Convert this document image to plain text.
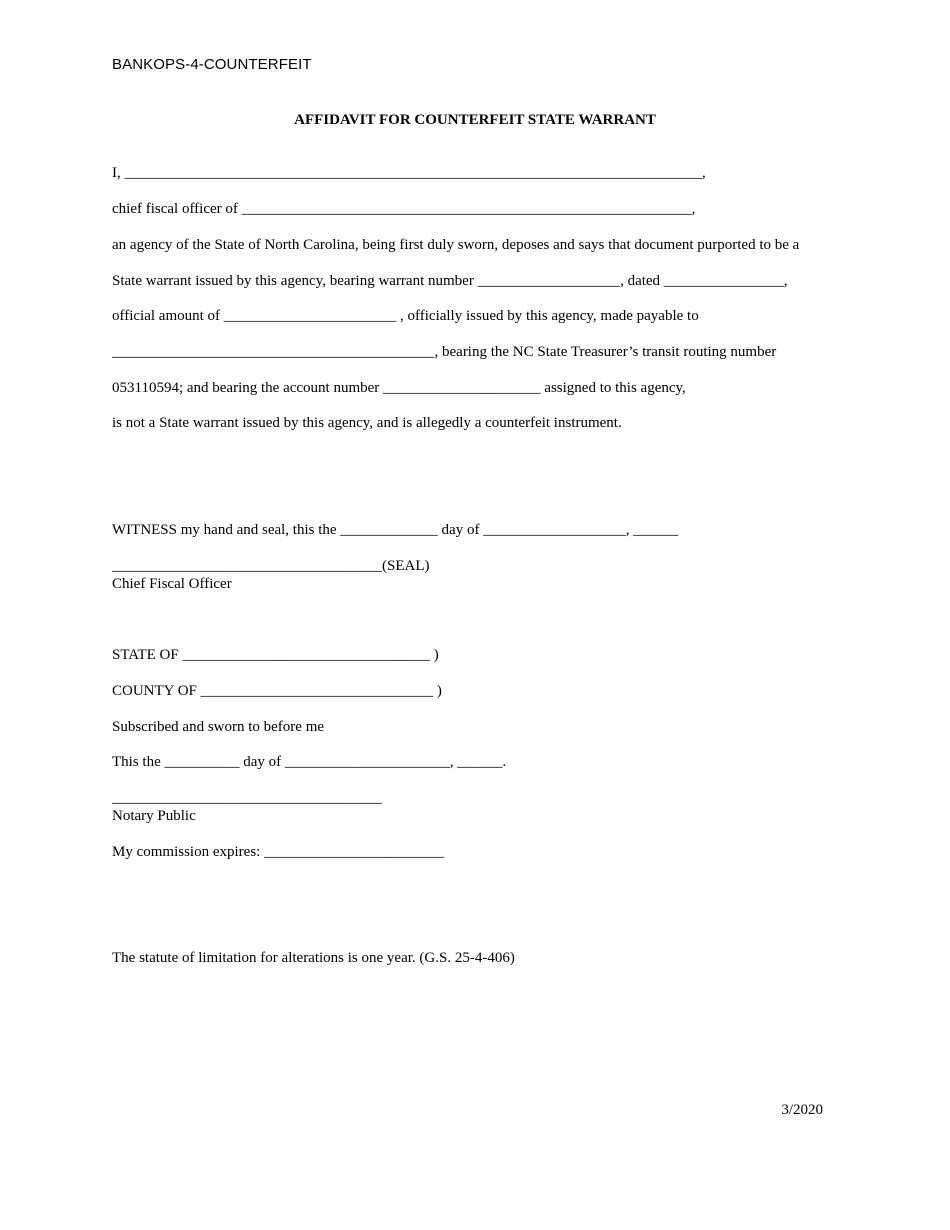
BANKOPS-4-COUNTERFEIT
AFFIDAVIT FOR COUNTERFEIT STATE WARRANT
I, _____________________________________________________________________________,
chief fiscal officer of ____________________________________________________________,
an agency of the State of North Carolina, being first duly sworn, deposes and says that document purported to be a
State warrant issued by this agency, bearing warrant number ___________________, dated ________________,
official amount of _______________________ , officially issued by this agency, made payable to
___________________________________________, bearing the NC State Treasurer’s transit routing number
053110594; and bearing the account number _____________________ assigned to this agency,
is not a State warrant issued by this agency, and is allegedly a counterfeit instrument.
WITNESS my hand and seal, this the _____________ day of ___________________, ______
____________________________________(SEAL)
Chief Fiscal Officer
STATE OF _________________________________ )
COUNTY OF _______________________________ )
Subscribed and sworn to before me
This the __________ day of ______________________, ______.
____________________________________
Notary Public
My commission expires: ________________________
The statute of limitation for alterations is one year. (G.S. 25-4-406)
3/2020
